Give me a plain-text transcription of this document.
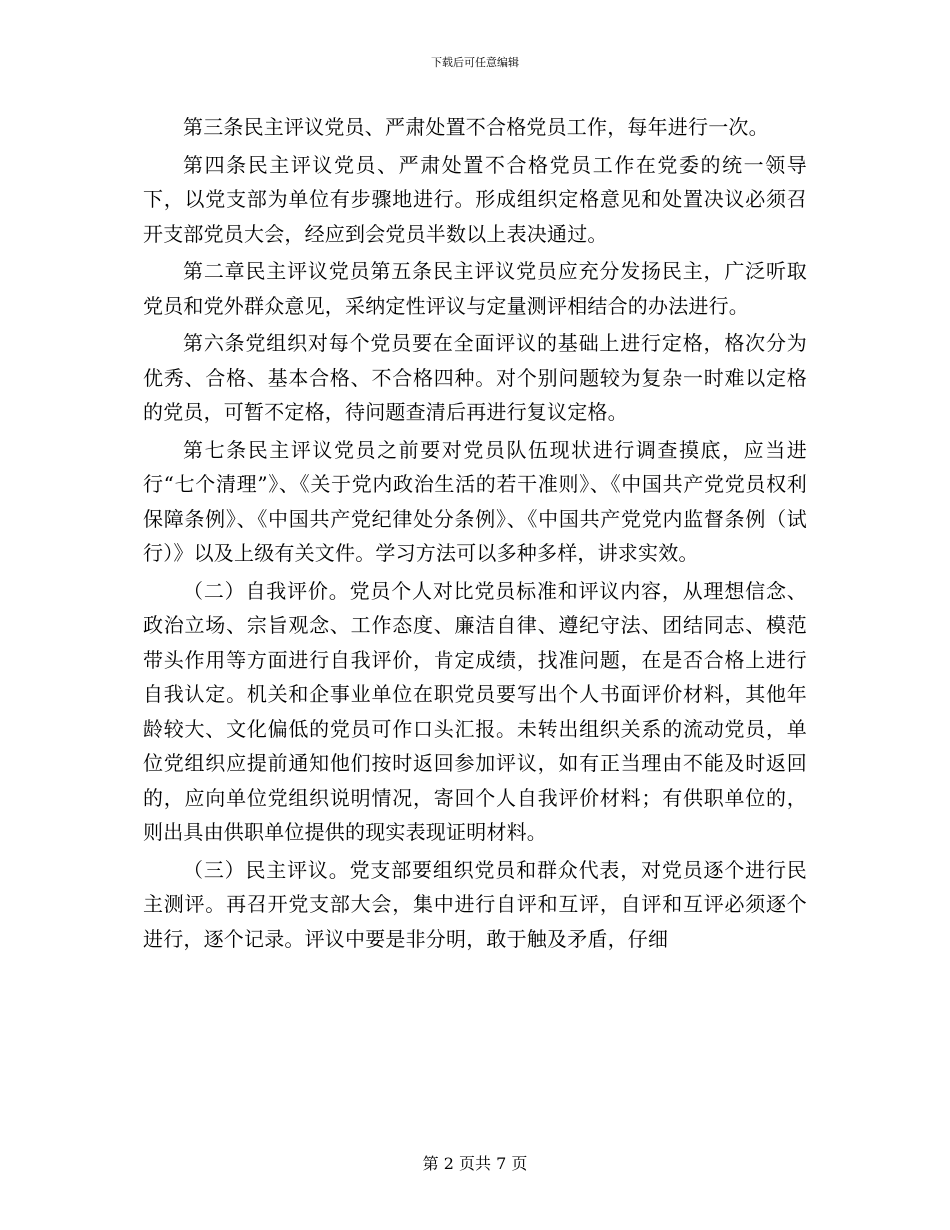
下载后可任意编辑

第三条民主评议党员、严肃处置不合格党员工作，每年进行一次。

第四条民主评议党员、严肃处置不合格党员工作在党委的统一领导下，以党支部为单位有步骤地进行。形成组织定格意见和处置决议必须召开支部党员大会，经应到会党员半数以上表决通过。

第二章民主评议党员第五条民主评议党员应充分发扬民主，广泛听取党员和党外群众意见，采纳定性评议与定量测评相结合的办法进行。

第六条党组织对每个党员要在全面评议的基础上进行定格，格次分为优秀、合格、基本合格、不合格四种。对个别问题较为复杂一时难以定格的党员，可暂不定格，待问题查清后再进行复议定格。

第七条民主评议党员之前要对党员队伍现状进行调查摸底，应当进行“七个清理”》、《关于党内政治生活的若干准则》、《中国共产党党员权利保障条例》、《中国共产党纪律处分条例》、《中国共产党党内监督条例（试行）》以及上级有关文件。学习方法可以多种多样，讲求实效。

（二）自我评价。党员个人对比党员标准和评议内容，从理想信念、政治立场、宗旨观念、工作态度、廉洁自律、遵纪守法、团结同志、模范带头作用等方面进行自我评价，肯定成绩，找准问题，在是否合格上进行自我认定。机关和企事业单位在职党员要写出个人书面评价材料，其他年龄较大、文化偏低的党员可作口头汇报。未转出组织关系的流动党员，单位党组织应提前通知他们按时返回参加评议，如有正当理由不能及时返回的，应向单位党组织说明情况，寄回个人自我评价材料；有供职单位的，则出具由供职单位提供的现实表现证明材料。

（三）民主评议。党支部要组织党员和群众代表，对党员逐个进行民主测评。再召开党支部大会，集中进行自评和互评，自评和互评必须逐个进行，逐个记录。评议中要是非分明，敢于触及矛盾，仔细

第 2 页共 7 页
